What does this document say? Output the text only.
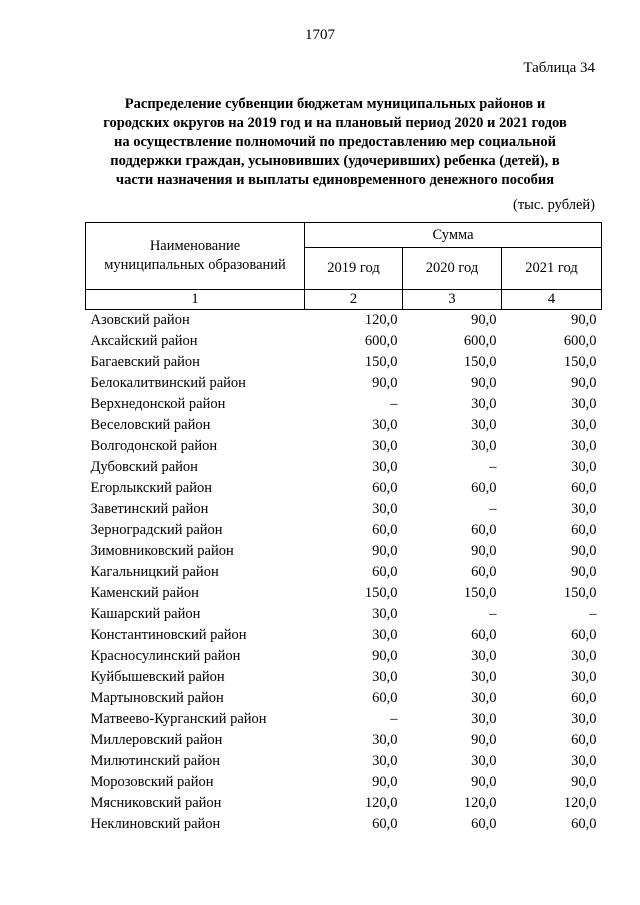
1707
Таблица 34
Распределение субвенции бюджетам муниципальных районов и
городских округов на 2019 год и на плановый период 2020 и 2021 годов
на осуществление полномочий по предоставлению мер социальной
поддержки граждан, усыновивших (удочеривших) ребенка (детей), в
части назначения и выплаты единовременного денежного пособия
(тыс. рублей)
Наименование
муниципальных образований	Сумма		
	2019 год	2020 год	2021 год
1	2	3	4
Азовский район	120,0	90,0	90,0
Аксайский район	600,0	600,0	600,0
Багаевский район	150,0	150,0	150,0
Белокалитвинский район	90,0	90,0	90,0
Верхнедонской район	–	30,0	30,0
Веселовский район	30,0	30,0	30,0
Волгодонской район	30,0	30,0	30,0
Дубовский район	30,0	–	30,0
Егорлыкский район	60,0	60,0	60,0
Заветинский район	30,0	–	30,0
Зерноградский район	60,0	60,0	60,0
Зимовниковский район	90,0	90,0	90,0
Кагальницкий район	60,0	60,0	90,0
Каменский район	150,0	150,0	150,0
Кашарский район	30,0	–	–
Константиновский район	30,0	60,0	60,0
Красносулинский район	90,0	30,0	30,0
Куйбышевский район	30,0	30,0	30,0
Мартыновский район	60,0	30,0	60,0
Матвеево-Курганский район	–	30,0	30,0
Миллеровский район	30,0	90,0	60,0
Милютинский район	30,0	30,0	30,0
Морозовский район	90,0	90,0	90,0
Мясниковский район	120,0	120,0	120,0
Неклиновский район	60,0	60,0	60,0
